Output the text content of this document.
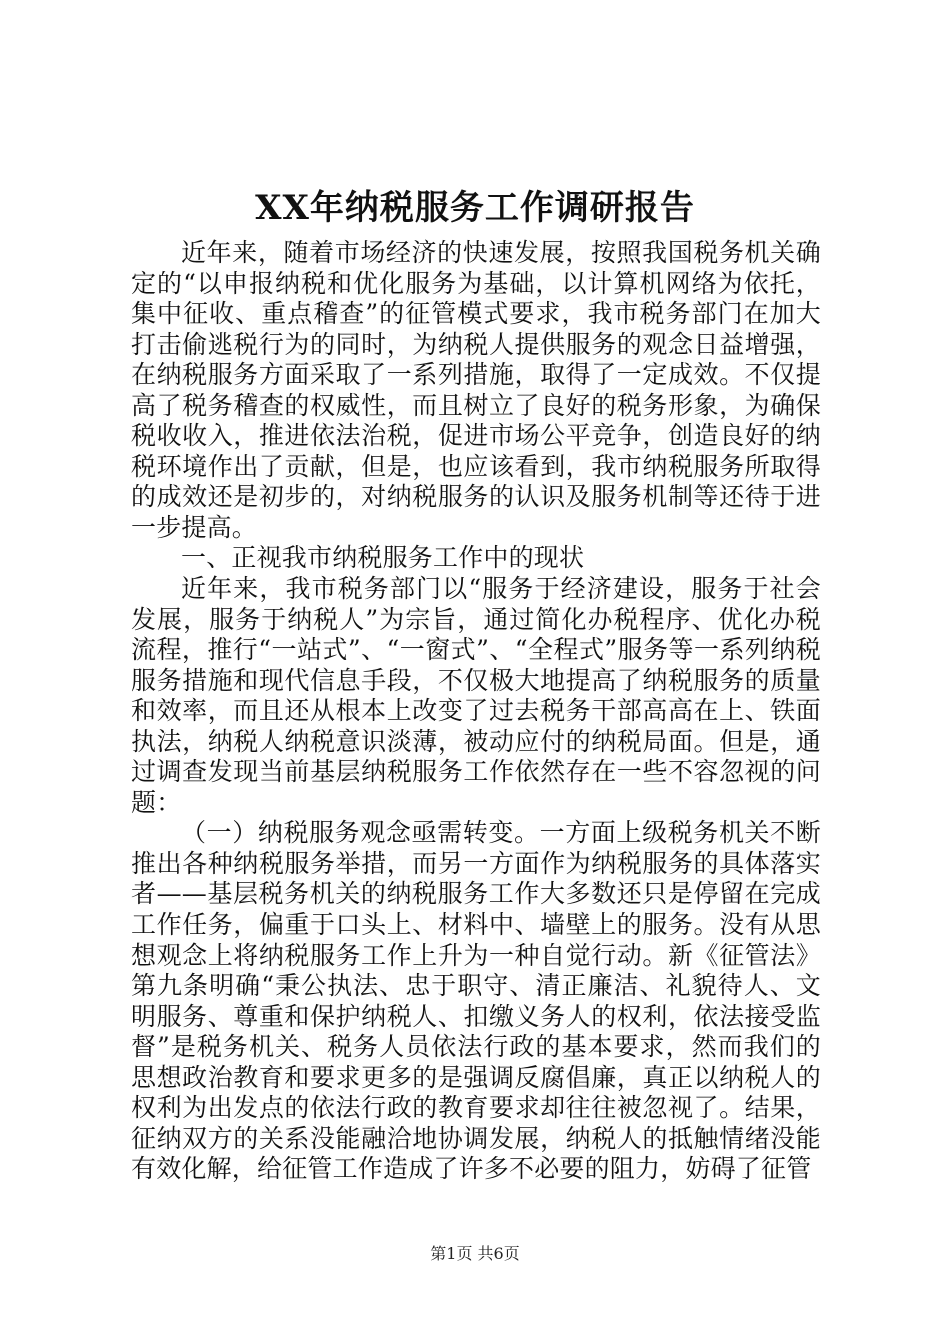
XX年纳税服务工作调研报告

近年来，随着市场经济的快速发展，按照我国税务机关确定的“以申报纳税和优化服务为基础，以计算机网络为依托，集中征收、重点稽查”的征管模式要求，我市税务部门在加大打击偷逃税行为的同时，为纳税人提供服务的观念日益增强，在纳税服务方面采取了一系列措施，取得了一定成效。不仅提高了税务稽查的权威性，而且树立了良好的税务形象，为确保税收收入，推进依法治税，促进市场公平竞争，创造良好的纳税环境作出了贡献，但是，也应该看到，我市纳税服务所取得的成效还是初步的，对纳税服务的认识及服务机制等还待于进一步提高。

一、正视我市纳税服务工作中的现状

近年来，我市税务部门以“服务于经济建设，服务于社会发展，服务于纳税人”为宗旨，通过简化办税程序、优化办税流程，推行“一站式”、“一窗式”、“全程式”服务等一系列纳税服务措施和现代信息手段，不仅极大地提高了纳税服务的质量和效率，而且还从根本上改变了过去税务干部高高在上、铁面执法，纳税人纳税意识淡薄，被动应付的纳税局面。但是，通过调查发现当前基层纳税服务工作依然存在一些不容忽视的问题：

（一）纳税服务观念亟需转变。一方面上级税务机关不断推出各种纳税服务举措，而另一方面作为纳税服务的具体落实者——基层税务机关的纳税服务工作大多数还只是停留在完成工作任务，偏重于口头上、材料中、墙壁上的服务。没有从思想观念上将纳税服务工作上升为一种自觉行动。新《征管法》第九条明确“秉公执法、忠于职守、清正廉洁、礼貌待人、文明服务、尊重和保护纳税人、扣缴义务人的权利，依法接受监督”是税务机关、税务人员依法行政的基本要求，然而我们的思想政治教育和要求更多的是强调反腐倡廉，真正以纳税人的权利为出发点的依法行政的教育要求却往往被忽视了。结果，征纳双方的关系没能融洽地协调发展，纳税人的抵触情绪没能有效化解，给征管工作造成了许多不必要的阻力，妨碍了征管

第1页 共6页
